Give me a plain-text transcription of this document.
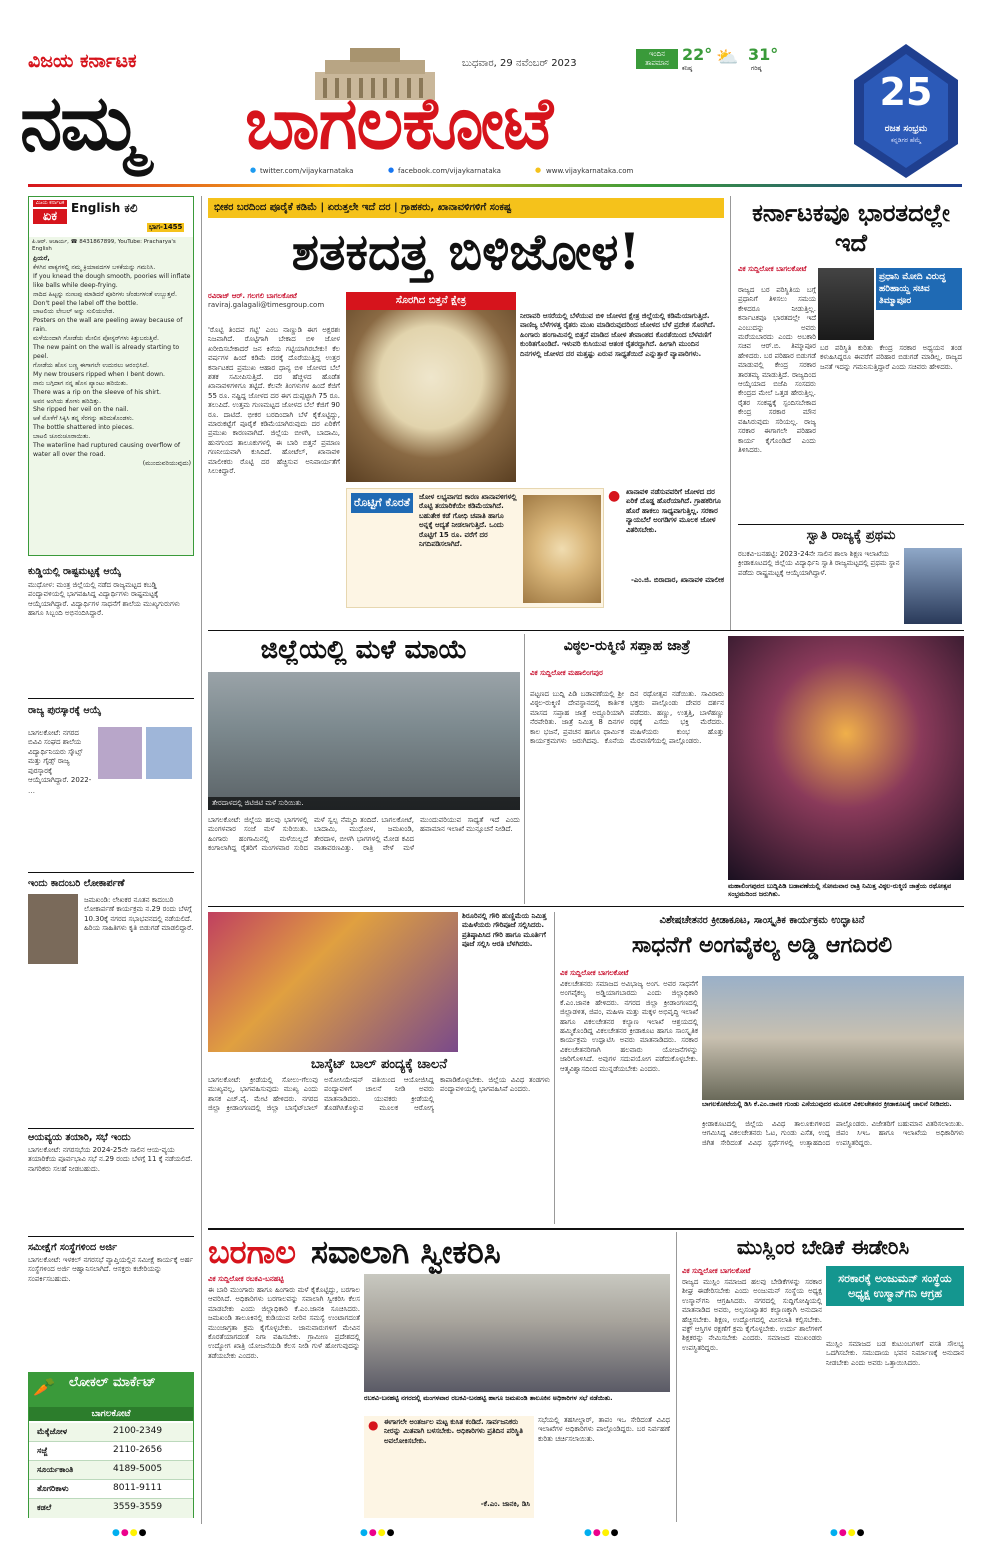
ವಿಜಯ ಕರ್ನಾಟಕ
ನಮ್ಮ ಬಾಗಲಕೋಟೆ
ಬುಧವಾರ, 29 ನವೆಂಬರ್ 2023
ಇಂದಿನ ತಾಪಮಾನ 22°
ಕನಿಷ್ಠ
⛅ 31°
ಗರಿಷ್ಠ
25
ರಜತ ಸಂಭ್ರಮ
ಕನ್ನಡಿಗರ ಹೆಮ್ಮೆ
● twitter.com/vijaykarnataka	● facebook.com/vijaykarnataka	● www.vijaykarnataka.com
ವಿಜಯ ಕರ್ನಾಟಕ
ಏಕ
English ಕಲಿ
ಭಾಗ-1455
ಪಿ.ಆರ್. ಆಚಾರ್ಯ, ☎ 8431867899, YouTube: Pracharya's English
ಪ್ರಿಯರೆ,
ಕೆಳಗಿನ ವಾಕ್ಯಗಳಲ್ಲಿ ನಮ್ಮ ಕ್ರಿಯಾಪದಗಳ ಬಳಕೆಯನ್ನು ಗಮನಿಸಿ.
If you knead the dough smooth, poories will inflate like balls while deep-frying.
ನಾದಿದ ಹಿಟ್ಟನ್ನು ನುಣುಪು ಮಾಡಿದರೆ ಪೂರಿಗಳು ಚೆಂಡುಗಳಂತೆ ಉಬ್ಬುತ್ತವೆ.
Don't peel the label off the bottle.
ಬಾಟಲಿಯ ಲೇಬಲ್ ಅನ್ನು ಸುಲಿಯಬೇಡ.
Posters on the wall are peeling away because of rain.
ಮಳೆಯಿಂದಾಗಿ ಗೋಡೆಯ ಮೇಲಿನ ಪೋಸ್ಟರ್‌ಗಳು ಕಿತ್ತುಬರುತ್ತಿವೆ.
The new paint on the wall is already starting to peel.
ಗೋಡೆಯ ಹೊಸ ಬಣ್ಣ ಈಗಾಗಲೇ ಉದುರಲು ಆರಂಭಿಸಿದೆ.
My new trousers ripped when I bent down.
ನಾನು ಬಗ್ಗಿದಾಗ ನನ್ನ ಹೊಸ ಪ್ಯಾಂಟು ಹರಿಯಿತು.
There was a rip on the sleeve of his shirt.
ಅವನ ಅಂಗಿಯ ತೋಳು ಹರಿದಿತ್ತು.
She ripped her veil on the nail.
ಆಕೆ ಮೊಳೆಗೆ ಸಿಕ್ಕಿಸಿ ತನ್ನ ಸೆರಗನ್ನು ಹರಿದುಕೊಂಡಳು.
The bottle shattered into pieces.
ಬಾಟಲಿ ಚೂರುಚೂರಾಯಿತು.
The waterline had ruptured causing overflow of water all over the road.
(ಮುಂದುವರಿಯುವುದು)
ಕುಡ್ಡಿಯಲ್ಲಿ ರಾಷ್ಟಮಟ್ಟಕ್ಕೆ ಆಯ್ಕೆ
ಮುಧೋಳ: ಮಂತ್ರ ಜಿಲ್ಲೆಯಲ್ಲಿ ನಡೆದ ರಾಜ್ಯಮಟ್ಟದ ಕಬಡ್ಡಿ ಪಂದ್ಯಾವಳಿಯಲ್ಲಿ ಭಾಗವಹಿಸಿದ್ದ ವಿದ್ಯಾರ್ಥಿಗಳು ರಾಷ್ಟಮಟ್ಟಕ್ಕೆ ಆಯ್ಕೆಯಾಗಿದ್ದಾರೆ. ವಿದ್ಯಾರ್ಥಿಗಳ ಸಾಧನೆಗೆ ಶಾಲೆಯ ಮುಖ್ಯಗುರುಗಳು ಹಾಗೂ ಸಿಬ್ಬಂದಿ ಅಭಿನಂದಿಸಿದ್ದಾರೆ.
ರಾಜ್ಯ ಪುರಸ್ಕಾರಕ್ಕೆ ಆಯ್ಕೆ
ಬಾಗಲಕೋಟೆ: ನಗರದ ಬಿವಿವಿ ಸಂಘದ ಶಾಲೆಯ ವಿದ್ಯಾರ್ಥಿನಿಯರು ಸ್ಕೌಟ್ಸ್ ಮತ್ತು ಗೈಡ್ಸ್ ರಾಜ್ಯ ಪುರಸ್ಕಾರಕ್ಕೆ ಆಯ್ಕೆಯಾಗಿದ್ದಾರೆ. 2022-
…
ಇಂದು ಕಾದಂಬರಿ ಲೋಕಾರ್ಪಣೆ
ಜಮಖಂಡಿ: ಲೇಖಕರ ನೂತನ ಕಾದಂಬರಿ ಲೋಕಾರ್ಪಣೆ ಕಾರ್ಯಕ್ರಮ ನ.29 ರಂದು ಬೆಳಗ್ಗೆ 10.30ಕ್ಕೆ ನಗರದ ಸಭಾಭವನದಲ್ಲಿ ನಡೆಯಲಿದೆ. ಹಿರಿಯ ಸಾಹಿತಿಗಳು ಕೃತಿ ಬಿಡುಗಡೆ ಮಾಡಲಿದ್ದಾರೆ.
ಆಯವ್ಯಯ ತಯಾರಿ, ಸಭೆ ಇಂದು
ಬಾಗಲಕೋಟೆ: ನಗರಸಭೆಯ 2024-25ನೇ ಸಾಲಿನ ಆಯ-ವ್ಯಯ ತಯಾರಿಕೆಯ ಪೂರ್ವಭಾವಿ ಸಭೆ ನ.29 ರಂದು ಬೆಳಗ್ಗೆ 11 ಕ್ಕೆ ನಡೆಯಲಿದೆ. ನಾಗರಿಕರು ಸಲಹೆ ನೀಡಬಹುದು.
ಸಮೀಕ್ಷೆಗೆ ಸಂಸ್ಥೆಗಳಿಂದ ಅರ್ಜಿ
ಬಾಗಲಕೋಟೆ: ಇಳಕಲ್ ನಗರಸಭೆ ವ್ಯಾಪ್ತಿಯಲ್ಲಿನ ಸಮೀಕ್ಷೆ ಕಾರ್ಯಕ್ಕೆ ಅರ್ಹ ಸಂಸ್ಥೆಗಳಿಂದ ಅರ್ಜಿ ಆಹ್ವಾನಿಸಲಾಗಿದೆ. ಆಸಕ್ತರು ಕಚೇರಿಯನ್ನು ಸಂಪರ್ಕಿಸಬಹುದು.
🥕 ಲೋಕಲ್ ಮಾರ್ಕೆಟ್
ಬಾಗಲಕೋಟೆ
ಮೆಕ್ಕೆಜೋಳ	2100-2349
ಸಜ್ಜೆ	2110-2656
ಸೂರ್ಯಕಾಂತಿ	4189-5005
ತೊಗರಿಕಾಳು	8011-9111
ಕಡಲೆ	3559-3559
ಭೀಕರ ಬರದಿಂದ ಪೂರೈಕೆ ಕಡಿಮೆ | ಏರುತ್ತಲೇ ಇದೆ ದರ | ಗ್ರಾಹಕರು, ಖಾನಾವಳಿಗಳಿಗೆ ಸಂಕಷ್ಟ
ಶತಕದತ್ತ ಬಿಳಿಜೋಳ!
ರವಿರಾಜ್ ಆರ್. ಗಲಗಲಿ ಬಾಗಲಕೋಟೆ
raviraj.galagali@timesgroup.com
'ರೊಟ್ಟಿ ತಿಂದವ ಗಟ್ಟಿ' ಎಂಬ ನಾಣ್ಣುಡಿ ಈಗ ಅಕ್ಷರಶಃ ನಿಜವಾಗಿದೆ. ರೊಟ್ಟಿಗಾಗಿ ಬೇಕಾದ ಬಿಳಿ ಜೋಳ ಖರೀದಿಸಬೇಕಾದರೆ ಜನ ಕಿಸೆಯ ಗಟ್ಟಿಯಾಗಿರಬೇಕು! ಕೆಲ ವರ್ಷಗಳ ಹಿಂದೆ ಕಡಿಮೆ ದರಕ್ಕೆ ದೊರೆಯುತ್ತಿದ್ದ ಉತ್ತರ ಕರ್ನಾಟಕದ ಪ್ರಮುಖ ಆಹಾರ ಧಾನ್ಯ ಬಿಳಿ ಜೋಳದ ಬೆಲೆ ಶತಕ ಸಮೀಪಿಸುತ್ತಿದೆ. ದರ ಹೆಚ್ಚಳದ ಹೊಡೆತ ಖಾನಾವಳಿಗಳಿಗೂ ತಟ್ಟಿದೆ. ಕೆಲವೇ ತಿಂಗಳುಗಳ ಹಿಂದೆ ಕೆಜಿಗೆ 55 ರೂ. ನಷ್ಟಿದ್ದ ಜೋಳದ ದರ ಈಗ ದುಪ್ಪಟ್ಟಾಗಿ 75 ರೂ. ತಲುಪಿದೆ. ಉತ್ತಮ ಗುಣಮಟ್ಟದ ಜೋಳದ ಬೆಲೆ ಕೆಜಿಗೆ 90 ರೂ. ದಾಟಿದೆ. ಭೀಕರ ಬರದಿಂದಾಗಿ ಬೆಳೆ ಕೈಕೊಟ್ಟಿದ್ದು, ಮಾರುಕಟ್ಟೆಗೆ ಪೂರೈಕೆ ಕಡಿಮೆಯಾಗಿರುವುದು ದರ ಏರಿಕೆಗೆ ಪ್ರಮುಖ ಕಾರಣವಾಗಿದೆ. ಜಿಲ್ಲೆಯ ಬೀಳಗಿ, ಬಾದಾಮಿ, ಹುನಗುಂದ ತಾಲೂಕುಗಳಲ್ಲಿ ಈ ಬಾರಿ ಬಿತ್ತನೆ ಪ್ರಮಾಣ ಗಣನೀಯವಾಗಿ ಕುಸಿದಿದೆ. ಹೋಟೆಲ್, ಖಾನಾವಳಿ ಮಾಲೀಕರು ರೊಟ್ಟಿ ದರ ಹೆಚ್ಚಿಸುವ ಅನಿವಾರ್ಯತೆಗೆ ಸಿಲುಕಿದ್ದಾರೆ.
ಸೊರಗಿದ ಬಿತ್ತನೆ ಕ್ಷೇತ್ರ
ನೀರಾವರಿ ಆಸರೆಯಲ್ಲಿ ಬೆಳೆಯುವ ಬಿಳಿ ಜೋಳದ ಕ್ಷೇತ್ರ ಜಿಲ್ಲೆಯಲ್ಲಿ ಕಡಿಮೆಯಾಗುತ್ತಿದೆ. ವಾಣಿಜ್ಯ ಬೆಳೆಗಳತ್ತ ರೈತರು ಮುಖ ಮಾಡಿರುವುದರಿಂದ ಜೋಳದ ಬೆಳೆ ಪ್ರದೇಶ ಸೊರಗಿದೆ. ಹಿಂಗಾರು ಹಂಗಾಮಿನಲ್ಲಿ ಬಿತ್ತನೆ ಮಾಡಿದ ಜೋಳ ತೇವಾಂಶದ ಕೊರತೆಯಿಂದ ಬೆಳವಣಿಗೆ ಕುಂಠಿತಗೊಂಡಿದೆ. ಇಳುವರಿ ಕುಸಿಯುವ ಆತಂಕ ರೈತರದ್ದಾಗಿದೆ. ಹೀಗಾಗಿ ಮುಂದಿನ ದಿನಗಳಲ್ಲಿ ಜೋಳದ ದರ ಮತ್ತಷ್ಟು ಏರುವ ಸಾಧ್ಯತೆಯಿದೆ ಎನ್ನುತ್ತಾರೆ ವ್ಯಾಪಾರಿಗಳು.
ರೊಟ್ಟಿಗೆ ಕೊರತೆ	ಜೋಳ ಲಭ್ಯವಾಗದ ಕಾರಣ ಖಾನಾವಳಿಗಳಲ್ಲಿ ರೊಟ್ಟಿ ತಯಾರಿಕೆಯೇ ಕಡಿಮೆಯಾಗಿದೆ. ಬಹುತೇಕ ಕಡೆ ಗೋಧಿ ಚಪಾತಿ ಹಾಗೂ ಅನ್ನಕ್ಕೆ ಆದ್ಯತೆ ನೀಡಲಾಗುತ್ತಿದೆ. ಒಂದು ರೊಟ್ಟಿಗೆ 15 ರೂ. ವರೆಗೆ ದರ ನಿಗದಿಪಡಿಸಲಾಗಿದೆ.
● ಖಾನಾವಳಿ ನಡೆಸುವವರಿಗೆ ಜೋಳದ ದರ ಏರಿಕೆ ದೊಡ್ಡ ಹೊರೆಯಾಗಿದೆ. ಗ್ರಾಹಕರಿಗೂ ಹೊರೆ ಹಾಕಲು ಸಾಧ್ಯವಾಗುತ್ತಿಲ್ಲ. ಸರಕಾರ ನ್ಯಾಯಬೆಲೆ ಅಂಗಡಿಗಳ ಮೂಲಕ ಜೋಳ ವಿತರಿಸಬೇಕು.
-ಎಂ.ಜಿ. ಬಿರಾದಾರ, ಖಾನಾವಳಿ ಮಾಲೀಕ
ಕರ್ನಾಟಕವೂ ಭಾರತದಲ್ಲೇ ಇದೆ
ವಿಕ ಸುದ್ದಿಲೋಕ ಬಾಗಲಕೋಟೆ
ಪ್ರಧಾನಿ ಮೋದಿ ವಿರುದ್ಧ ಹರಿಹಾಯ್ದ ಸಚಿವ ತಿಮ್ಮಾಪೂರ
ರಾಜ್ಯದ ಬರ ಪರಿಸ್ಥಿತಿಯ ಬಗ್ಗೆ ಪ್ರಧಾನಿಗೆ ತಿಳಿಸಲು ಸಮಯ ಕೇಳಿದರೂ ನೀಡುತ್ತಿಲ್ಲ. ಕರ್ನಾಟಕವೂ ಭಾರತದಲ್ಲೇ ಇದೆ ಎಂಬುದನ್ನು ಅವರು ಮರೆಯಬಾರದು ಎಂದು ಅಬಕಾರಿ ಸಚಿವ ಆರ್.ಬಿ. ತಿಮ್ಮಾಪೂರ ಹೇಳಿದರು. ಬರ ಪರಿಹಾರ ಬಿಡುಗಡೆ ಮಾಡುವಲ್ಲಿ ಕೇಂದ್ರ ಸರಕಾರ ತಾರತಮ್ಯ ಮಾಡುತ್ತಿದೆ. ರಾಜ್ಯದಿಂದ ಆಯ್ಕೆಯಾದ ಬಿಜೆಪಿ ಸಂಸದರು ಕೇಂದ್ರದ ಮೇಲೆ ಒತ್ತಡ ಹೇರುತ್ತಿಲ್ಲ. ರೈತರ ಸಂಕಷ್ಟಕ್ಕೆ ಸ್ಪಂದಿಸಬೇಕಾದ ಕೇಂದ್ರ ಸರಕಾರ ಮೌನ ವಹಿಸಿರುವುದು ಸರಿಯಲ್ಲ. ರಾಜ್ಯ ಸರಕಾರ ಈಗಾಗಲೇ ಪರಿಹಾರ ಕಾರ್ಯ ಕೈಗೊಂಡಿದೆ ಎಂದು ತಿಳಿಸಿದರು.
ಬರ ಪರಿಸ್ಥಿತಿ ಕುರಿತು ಕೇಂದ್ರ ಸರಕಾರ ಅಧ್ಯಯನ ತಂಡ ಕಳುಹಿಸಿದ್ದರೂ ಈವರೆಗೆ ಪರಿಹಾರ ಬಿಡುಗಡೆ ಮಾಡಿಲ್ಲ. ರಾಜ್ಯದ ಜನತೆ ಇದನ್ನು ಗಮನಿಸುತ್ತಿದ್ದಾರೆ ಎಂದು ಸಚಿವರು ಹೇಳಿದರು.
ಸ್ವಾತಿ ರಾಜ್ಯಕ್ಕೆ ಪ್ರಥಮ
ರಬಕವಿ-ಬನಹಟ್ಟಿ: 2023-24ನೇ ಸಾಲಿನ ಶಾಲಾ ಶಿಕ್ಷಣ ಇಲಾಖೆಯ ಕ್ರೀಡಾಕೂಟದಲ್ಲಿ ಜಿಲ್ಲೆಯ ವಿದ್ಯಾರ್ಥಿನಿ ಸ್ವಾತಿ ರಾಜ್ಯಮಟ್ಟದಲ್ಲಿ ಪ್ರಥಮ ಸ್ಥಾನ ಪಡೆದು ರಾಷ್ಟ್ರಮಟ್ಟಕ್ಕೆ ಆಯ್ಕೆಯಾಗಿದ್ದಾಳೆ.
ಜಿಲ್ಲೆಯಲ್ಲಿ ಮಳೆ ಮಾಯೆ
ತೇರದಾಳದಲ್ಲಿ ಜಿಟಿಜಿಟಿ ಮಳೆ ಸುರಿಯಿತು.
ಬಾಗಲಕೋಟೆ: ಜಿಲ್ಲೆಯ ಹಲವು ಭಾಗಗಳಲ್ಲಿ ಮಂಗಳವಾರ ಸಂಜೆ ಮಳೆ ಸುರಿಯಿತು. ಹಿಂಗಾರು ಹಂಗಾಮಿನಲ್ಲಿ ಮಳೆಯಿಲ್ಲದೆ ಕಂಗಾಲಾಗಿದ್ದ ರೈತರಿಗೆ ಮಂಗಳವಾರ ಸುರಿದ ಮಳೆ ಸ್ವಲ್ಪ ನೆಮ್ಮದಿ ತಂದಿದೆ. ಬಾಗಲಕೋಟೆ, ಬಾದಾಮಿ, ಮುಧೋಳ, ಜಮಖಂಡಿ, ತೇರದಾಳ, ಬೀಳಗಿ ಭಾಗಗಳಲ್ಲಿ ಮೋಡ ಕವಿದ ವಾತಾವರಣವಿತ್ತು. ರಾತ್ರಿ ವೇಳೆ ಮಳೆ ಮುಂದುವರಿಯುವ ಸಾಧ್ಯತೆ ಇದೆ ಎಂದು ಹವಾಮಾನ ಇಲಾಖೆ ಮುನ್ಸೂಚನೆ ನೀಡಿದೆ.
ವಿಠ್ಠಲ-ರುಕ್ಮಿಣಿ ಸಪ್ತಾಹ ಜಾತ್ರೆ
ವಿಕ ಸುದ್ದಿಲೋಕ ಮಹಾಲಿಂಗಪುರ
ಪಟ್ಟಣದ ಬುದ್ನಿ ಪಿಡಿ ಬಡಾವಣೆಯಲ್ಲಿ ಶ್ರೀ ವಿಠ್ಠಲ-ರುಕ್ಮಿಣಿ ದೇವಸ್ಥಾನದಲ್ಲಿ ಕಾರ್ತಿಕ ಮಾಸದ ಸಪ್ತಾಹ ಜಾತ್ರೆ ಅದ್ದೂರಿಯಾಗಿ ನೆರವೇರಿತು. ಜಾತ್ರೆ ನಿಮಿತ್ತ 8 ದಿನಗಳ ಕಾಲ ಭಜನೆ, ಪ್ರವಚನ ಹಾಗೂ ಧಾರ್ಮಿಕ ಕಾರ್ಯಕ್ರಮಗಳು ಜರುಗಿದವು. ಕೊನೆಯ ದಿನ ರಥೋತ್ಸವ ನಡೆಯಿತು. ಸಾವಿರಾರು ಭಕ್ತರು ಪಾಲ್ಗೊಂಡು ದೇವರ ದರ್ಶನ ಪಡೆದರು. ಹಣ್ಣು, ಉತ್ತತ್ತಿ, ಬಾಳೆಹಣ್ಣು ರಥಕ್ಕೆ ಎಸೆದು ಭಕ್ತಿ ಮೆರೆದರು. ಮಹಿಳೆಯರು ಕುಂಭ ಹೊತ್ತು ಮೆರವಣಿಗೆಯಲ್ಲಿ ಪಾಲ್ಗೊಂಡರು.
ಮಹಾಲಿಂಗಪುರದ ಬುದ್ನಿಪಿಡಿ ಬಡಾವಣೆಯಲ್ಲಿ ಸೋಮವಾರ ರಾತ್ರಿ ನಿಮಿತ್ತ ವಿಠ್ಠಲ-ರುಕ್ಮಿಣಿ ಜಾತ್ರೆಯ ರಥೋತ್ಸವ ಸಂಭ್ರಮದಿಂದ ಜರುಗಿತು.
ಶಿರೂರಿನಲ್ಲಿ ಗೌರಿ ಹುಣ್ಣಿಮೆಯ ನಿಮಿತ್ತ ಮಹಿಳೆಯರು ಗೌರಿಪೂಜೆ ಸಲ್ಲಿಸಿದರು. ಪ್ರತಿಷ್ಠಾಪಿಸಿದ ಗೌರಿ ಹಾಗೂ ಮೂರ್ತಿಗೆ ಪೂಜೆ ಸಲ್ಲಿಸಿ ಆರತಿ ಬೆಳಗಿದರು.
ಬಾಸ್ಕೆಟ್‌ ಬಾಲ್ ಪಂದ್ಯಕ್ಕೆ ಚಾಲನೆ
ಬಾಗಲಕೋಟೆ: ಕ್ರೀಡೆಯಲ್ಲಿ ಸೋಲು-ಗೆಲುವು ಮುಖ್ಯವಲ್ಲ, ಭಾಗವಹಿಸುವುದು ಮುಖ್ಯ ಎಂದು ಶಾಸಕ ಎಚ್.ವೈ. ಮೇಟಿ ಹೇಳಿದರು. ನಗರದ ಜಿಲ್ಲಾ ಕ್ರೀಡಾಂಗಣದಲ್ಲಿ ಜಿಲ್ಲಾ ಬಾಸ್ಕೆಟ್‌ಬಾಲ್ ಅಸೋಸಿಯೇಷನ್ ವತಿಯಿಂದ ಆಯೋಜಿಸಿದ್ದ ಪಂದ್ಯಾವಳಿಗೆ ಚಾಲನೆ ನೀಡಿ ಅವರು ಮಾತನಾಡಿದರು. ಯುವಕರು ಕ್ರೀಡೆಯಲ್ಲಿ ತೊಡಗಿಸಿಕೊಳ್ಳುವ ಮೂಲಕ ಆರೋಗ್ಯ ಕಾಪಾಡಿಕೊಳ್ಳಬೇಕು. ಜಿಲ್ಲೆಯ ವಿವಿಧ ತಂಡಗಳು ಪಂದ್ಯಾವಳಿಯಲ್ಲಿ ಭಾಗವಹಿಸಿವೆ ಎಂದರು.
ವಿಶೇಷಚೇತನರ ಕ್ರೀಡಾಕೂಟ, ಸಾಂಸ್ಕೃತಿಕ ಕಾರ್ಯಕ್ರಮ ಉದ್ಘಾಟನೆ
ಸಾಧನೆಗೆ ಅಂಗವೈಕಲ್ಯ ಅಡ್ಡಿ ಆಗದಿರಲಿ
ವಿಕ ಸುದ್ದಿಲೋಕ ಬಾಗಲಕೋಟೆ
ವಿಕಲಚೇತನರು ಸಮಾಜದ ಅವಿಭಾಜ್ಯ ಅಂಗ. ಅವರ ಸಾಧನೆಗೆ ಅಂಗವೈಕಲ್ಯ ಅಡ್ಡಿಯಾಗಬಾರದು ಎಂದು ಜಿಲ್ಲಾಧಿಕಾರಿ ಕೆ.ಎಂ.ಜಾನಕಿ ಹೇಳಿದರು. ನಗರದ ಜಿಲ್ಲಾ ಕ್ರೀಡಾಂಗಣದಲ್ಲಿ ಜಿಲ್ಲಾಡಳಿತ, ಜಿಪಂ, ಮಹಿಳಾ ಮತ್ತು ಮಕ್ಕಳ ಅಭಿವೃದ್ಧಿ ಇಲಾಖೆ ಹಾಗೂ ವಿಕಲಚೇತನರ ಕಲ್ಯಾಣ ಇಲಾಖೆ ಆಶ್ರಯದಲ್ಲಿ ಹಮ್ಮಿಕೊಂಡಿದ್ದ ವಿಕಲಚೇತನರ ಕ್ರೀಡಾಕೂಟ ಹಾಗೂ ಸಾಂಸ್ಕೃತಿಕ ಕಾರ್ಯಕ್ರಮ ಉದ್ಘಾಟಿಸಿ ಅವರು ಮಾತನಾಡಿದರು. ಸರಕಾರ ವಿಕಲಚೇತನರಿಗಾಗಿ ಹಲವಾರು ಯೋಜನೆಗಳನ್ನು ಜಾರಿಗೊಳಿಸಿದೆ. ಅವುಗಳ ಸದುಪಯೋಗ ಪಡೆದುಕೊಳ್ಳಬೇಕು. ಆತ್ಮವಿಶ್ವಾಸದಿಂದ ಮುನ್ನಡೆಯಬೇಕು ಎಂದರು.
ಬಾಗಲಕೋಟೆಯಲ್ಲಿ ಡಿಸಿ ಕೆ.ಎಂ.ಜಾನಕಿ ಗುಂಡು ಎಸೆಯುವುದರ ಮೂಲಕ ವಿಕಲಚೇತನರ ಕ್ರೀಡಾಕೂಟಕ್ಕೆ ಚಾಲನೆ ನೀಡಿದರು.
ಕ್ರೀಡಾಕೂಟದಲ್ಲಿ ಜಿಲ್ಲೆಯ ವಿವಿಧ ತಾಲೂಕುಗಳಿಂದ ಆಗಮಿಸಿದ್ದ ವಿಕಲಚೇತನರು ಓಟ, ಗುಂಡು ಎಸೆತ, ಉದ್ದ ಜಿಗಿತ ಸೇರಿದಂತೆ ವಿವಿಧ ಸ್ಪರ್ಧೆಗಳಲ್ಲಿ ಉತ್ಸಾಹದಿಂದ ಪಾಲ್ಗೊಂಡರು. ವಿಜೇತರಿಗೆ ಬಹುಮಾನ ವಿತರಿಸಲಾಯಿತು. ಜಿಪಂ ಸಿಇಒ ಹಾಗೂ ಇಲಾಖೆಯ ಅಧಿಕಾರಿಗಳು ಉಪಸ್ಥಿತರಿದ್ದರು.
ಬರಗಾಲ ಸವಾಲಾಗಿ ಸ್ವೀಕರಿಸಿ
ವಿಕ ಸುದ್ದಿಲೋಕ ರಬಕವಿ-ಬನಹಟ್ಟಿ
ಈ ಬಾರಿ ಮುಂಗಾರು ಹಾಗೂ ಹಿಂಗಾರು ಮಳೆ ಕೈಕೊಟ್ಟಿದ್ದು, ಬರಗಾಲ ಆವರಿಸಿದೆ. ಅಧಿಕಾರಿಗಳು ಬರಗಾಲವನ್ನು ಸವಾಲಾಗಿ ಸ್ವೀಕರಿಸಿ ಕೆಲಸ ಮಾಡಬೇಕು ಎಂದು ಜಿಲ್ಲಾಧಿಕಾರಿ ಕೆ.ಎಂ.ಜಾನಕಿ ಸೂಚಿಸಿದರು. ಜಮಖಂಡಿ ತಾಲೂಕಿನಲ್ಲಿ ಕುಡಿಯುವ ನೀರಿನ ಸಮಸ್ಯೆ ಉಂಟಾಗದಂತೆ ಮುಂಜಾಗ್ರತಾ ಕ್ರಮ ಕೈಗೊಳ್ಳಬೇಕು. ಜಾನುವಾರುಗಳಿಗೆ ಮೇವಿನ ಕೊರತೆಯಾಗದಂತೆ ನಿಗಾ ವಹಿಸಬೇಕು. ಗ್ರಾಮೀಣ ಪ್ರದೇಶದಲ್ಲಿ ಉದ್ಯೋಗ ಖಾತ್ರಿ ಯೋಜನೆಯಡಿ ಕೆಲಸ ನೀಡಿ ಗುಳೆ ಹೋಗುವುದನ್ನು ತಡೆಯಬೇಕು ಎಂದರು.
ರಬಕವಿ-ಬನಹಟ್ಟಿ ನಗರದಲ್ಲಿ ಮಂಗಳವಾರ ರಬಕವಿ-ಬನಹಟ್ಟಿ ಹಾಗೂ ಜಮಖಂಡಿ ತಾಲೂಕಿನ ಅಧಿಕಾರಿಗಳ ಸಭೆ ನಡೆಯಿತು.
● ಈಗಾಗಲೇ ಅಂತರ್ಜಲ ಮಟ್ಟ ಕುಸಿತ ಕಂಡಿದೆ. ಸಾರ್ವಜನಿಕರು ನೀರನ್ನು ಮಿತವಾಗಿ ಬಳಸಬೇಕು. ಅಧಿಕಾರಿಗಳು ಪ್ರತಿದಿನ ಪರಿಸ್ಥಿತಿ ಅವಲೋಕಿಸಬೇಕು.
-ಕೆ.ಎಂ. ಜಾನಕಿ, ಡಿಸಿ
ಸಭೆಯಲ್ಲಿ ತಹಸೀಲ್ದಾರ್, ತಾಪಂ ಇಒ ಸೇರಿದಂತೆ ವಿವಿಧ ಇಲಾಖೆಗಳ ಅಧಿಕಾರಿಗಳು ಪಾಲ್ಗೊಂಡಿದ್ದರು. ಬರ ನಿರ್ವಹಣೆ ಕುರಿತು ಚರ್ಚಿಸಲಾಯಿತು.
ಮುಸ್ಲಿಂರ ಬೇಡಿಕೆ ಈಡೇರಿಸಿ
ವಿಕ ಸುದ್ದಿಲೋಕ ಬಾಗಲಕೋಟೆ
ರಾಜ್ಯದ ಮುಸ್ಲಿಂ ಸಮಾಜದ ಹಲವು ಬೇಡಿಕೆಗಳನ್ನು ಸರಕಾರ ಶೀಘ್ರ ಈಡೇರಿಸಬೇಕು ಎಂದು ಅಂಜುಮನ್ ಸಂಸ್ಥೆಯ ಅಧ್ಯಕ್ಷ ಉಸ್ಮಾನ್‌ಗನಿ ಆಗ್ರಹಿಸಿದರು. ನಗರದಲ್ಲಿ ಸುದ್ದಿಗೋಷ್ಠಿಯಲ್ಲಿ ಮಾತನಾಡಿದ ಅವರು, ಅಲ್ಪಸಂಖ್ಯಾತರ ಕಲ್ಯಾಣಕ್ಕಾಗಿ ಅನುದಾನ ಹೆಚ್ಚಿಸಬೇಕು. ಶಿಕ್ಷಣ, ಉದ್ಯೋಗದಲ್ಲಿ ಮೀಸಲಾತಿ ಕಲ್ಪಿಸಬೇಕು. ವಕ್ಫ್ ಆಸ್ತಿಗಳ ರಕ್ಷಣೆಗೆ ಕ್ರಮ ಕೈಗೊಳ್ಳಬೇಕು. ಉರ್ದು ಶಾಲೆಗಳಿಗೆ ಶಿಕ್ಷಕರನ್ನು ನೇಮಿಸಬೇಕು ಎಂದರು. ಸಮಾಜದ ಮುಖಂಡರು ಉಪಸ್ಥಿತರಿದ್ದರು.
ಸರಕಾರಕ್ಕೆ ಅಂಜುಮನ್ ಸಂಸ್ಥೆಯ ಅಧ್ಯಕ್ಷ ಉಸ್ಮಾನ್‌ಗನಿ ಆಗ್ರಹ
ಮುಸ್ಲಿಂ ಸಮಾಜದ ಬಡ ಕುಟುಂಬಗಳಿಗೆ ವಸತಿ ಸೌಲಭ್ಯ ಒದಗಿಸಬೇಕು. ಸಮುದಾಯ ಭವನ ನಿರ್ಮಾಣಕ್ಕೆ ಅನುದಾನ ನೀಡಬೇಕು ಎಂದು ಅವರು ಒತ್ತಾಯಿಸಿದರು.
●●●●	●●●●	●●●●	●●●●
